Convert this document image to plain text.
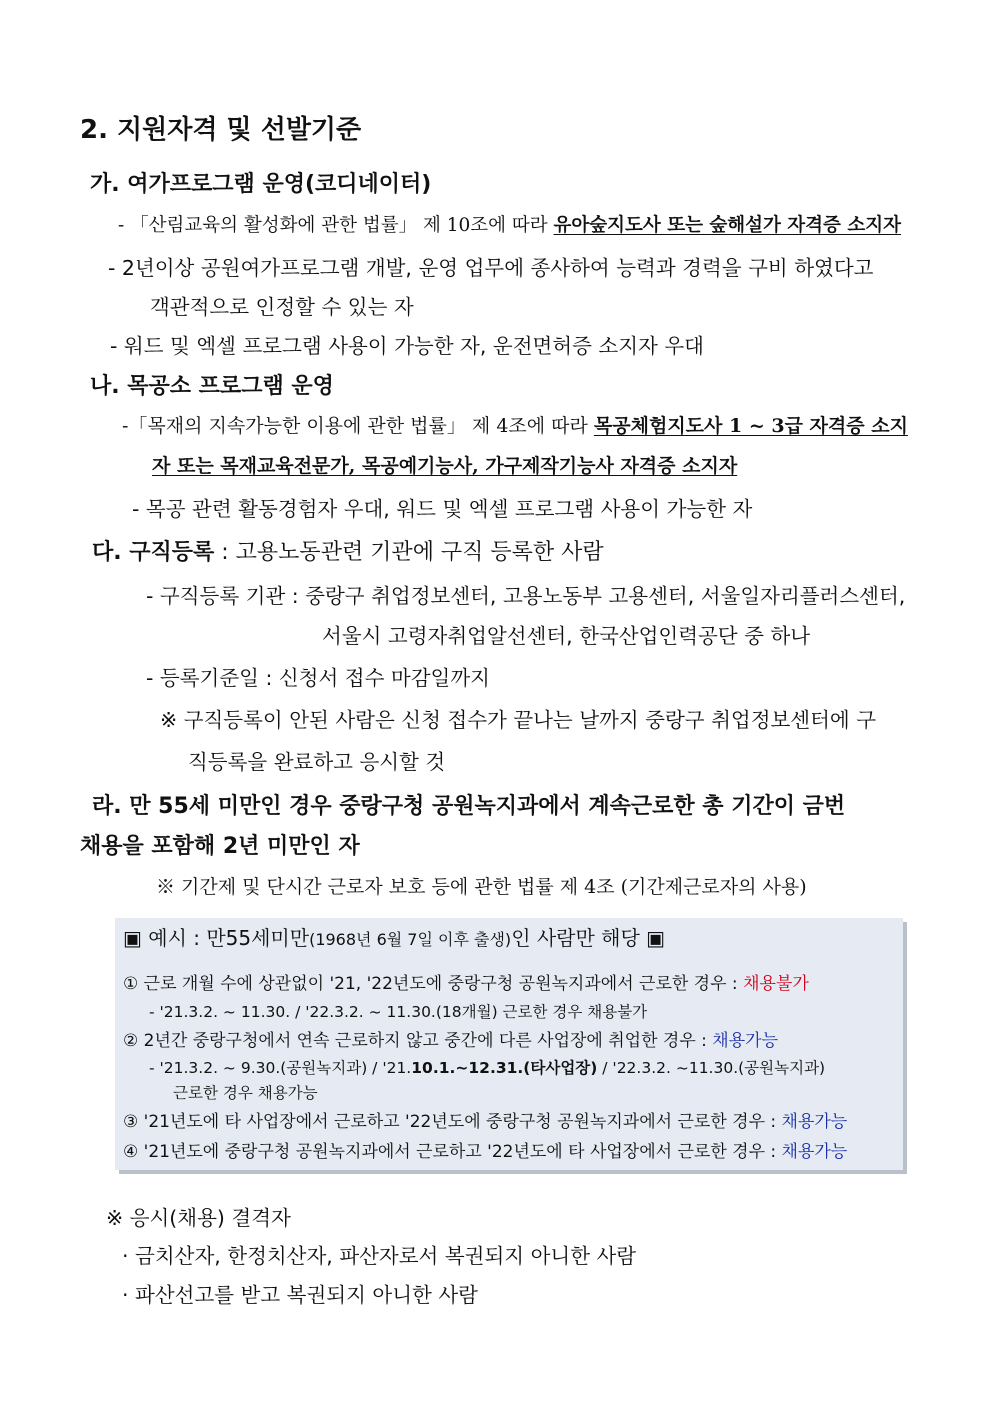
2. 지원자격 및 선발기준
가. 여가프로그램 운영(코디네이터)
- 「산림교육의 활성화에 관한 법률」 제 10조에 따라 유아숲지도사 또는 숲해설가 자격증 소지자
- 2년이상 공원여가프로그램 개발, 운영 업무에 종사하여 능력과 경력을 구비 하였다고
객관적으로 인정할 수 있는 자
- 워드 및 엑셀 프로그램 사용이 가능한 자, 운전면허증 소지자 우대
나. 목공소 프로그램 운영
-「목재의 지속가능한 이용에 관한 법률」 제 4조에 따라 목공체험지도사 1 ~ 3급 자격증 소지
자 또는 목재교육전문가, 목공예기능사, 가구제작기능사 자격증 소지자
- 목공 관련 활동경험자 우대, 워드 및 엑셀 프로그램 사용이 가능한 자
다. 구직등록 : 고용노동관련 기관에 구직 등록한 사람
- 구직등록 기관 : 중랑구 취업정보센터, 고용노동부 고용센터, 서울일자리플러스센터,
서울시 고령자취업알선센터, 한국산업인력공단 중 하나
- 등록기준일 : 신청서 접수 마감일까지
※ 구직등록이 안된 사람은 신청 접수가 끝나는 날까지 중랑구 취업정보센터에 구
직등록을 완료하고 응시할 것
라. 만 55세 미만인 경우 중랑구청 공원녹지과에서 계속근로한 총 기간이 금번
채용을 포함해 2년 미만인 자
※ 기간제 및 단시간 근로자 보호 등에 관한 법률 제 4조 (기간제근로자의 사용)
▣ 예시 : 만55세미만(1968년 6월 7일 이후 출생)인 사람만 해당 ▣
① 근로 개월 수에 상관없이 '21, '22년도에 중랑구청 공원녹지과에서 근로한 경우 : 채용불가
- '21.3.2. ~ 11.30. / '22.3.2. ~ 11.30.(18개월) 근로한 경우 채용불가
② 2년간 중랑구청에서 연속 근로하지 않고 중간에 다른 사업장에 취업한 경우 : 채용가능
- '21.3.2. ~ 9.30.(공원녹지과) / '21.10.1.~12.31.(타사업장) / '22.3.2. ~11.30.(공원녹지과)
근로한 경우 채용가능
③ '21년도에 타 사업장에서 근로하고 '22년도에 중랑구청 공원녹지과에서 근로한 경우 : 채용가능
④ '21년도에 중랑구청 공원녹지과에서 근로하고 '22년도에 타 사업장에서 근로한 경우 : 채용가능
※ 응시(채용) 결격자
· 금치산자, 한정치산자, 파산자로서 복권되지 아니한 사람
· 파산선고를 받고 복권되지 아니한 사람
